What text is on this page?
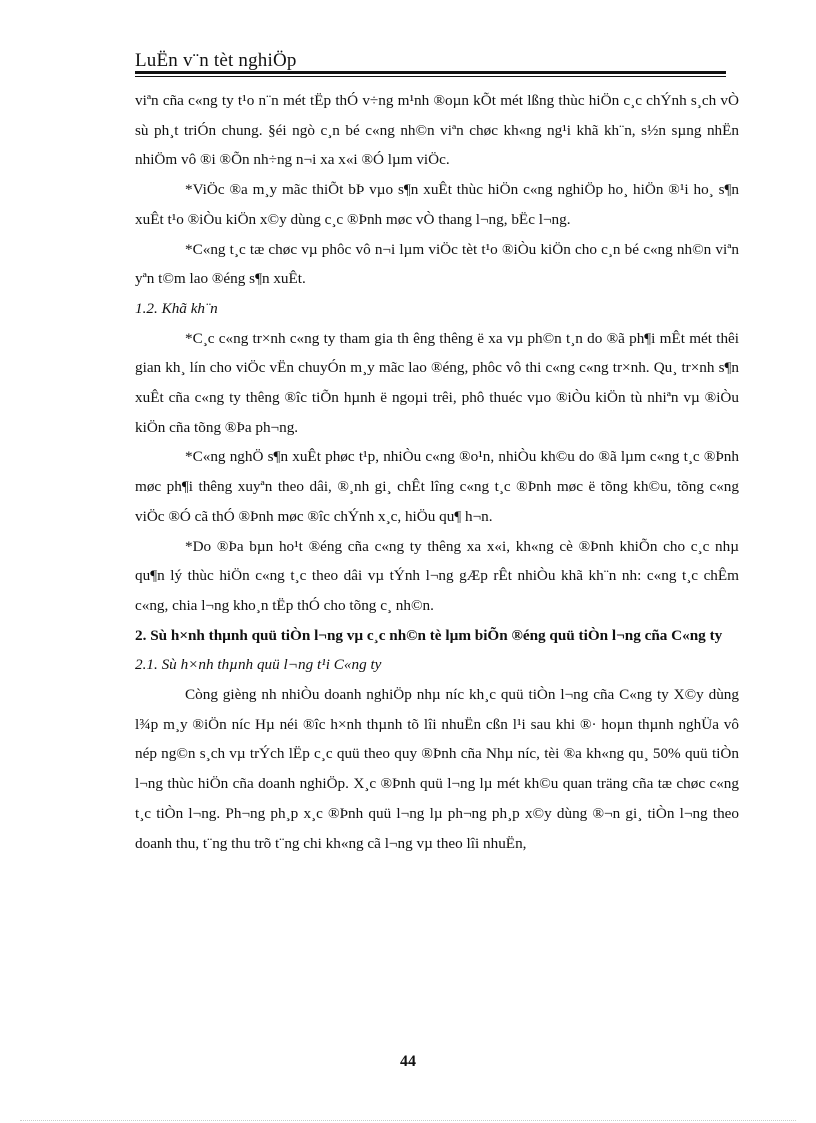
LuËn v¨n tèt nghiÖp

viªn cña c«ng ty t¹o n¨n mét tËp thÓ v÷ng m¹nh ®oµn kÕt mét lßng thùc hiÖn c¸c chÝnh s¸ch vÒ sù ph¸t triÓn chung. §éi ngò c¸n bé c«ng nh©n viªn chøc kh«ng ng¹i khã kh¨n, s½n sµng nhËn nhiÖm vô ®i ®Õn nh÷ng n¬i xa x«i ®Ó lµm viÖc.

*ViÖc ®a m¸y mãc thiÕt bÞ vµo s¶n xuÊt thùc hiÖn c«ng nghiÖp ho¸ hiÖn ®¹i ho¸ s¶n xuÊt t¹o ®iÒu kiÖn x©y dùng c¸c ®Þnh møc vÒ thang l¬ng, bËc l¬ng.

*C«ng t¸c tæ chøc vµ phôc vô n¬i lµm viÖc tèt t¹o ®iÒu kiÖn cho c¸n bé c«ng nh©n viªn yªn t©m lao ®éng s¶n xuÊt.

1.2. Khã kh¨n

*C¸c c«ng tr×nh c«ng ty tham gia th êng thêng ë xa vµ ph©n t¸n do ®ã ph¶i mÊt mét thêi gian kh¸ lín cho viÖc vËn chuyÓn m¸y mãc lao ®éng, phôc vô thi c«ng c«ng tr×nh. Qu¸ tr×nh s¶n xuÊt cña c«ng ty thêng ®îc tiÕn hµnh ë ngoµi trêi, phô thuéc vµo ®iÒu kiÖn tù nhiªn vµ ®iÒu kiÖn cña tõng ®Þa ph¬ng.

*C«ng nghÖ s¶n xuÊt phøc t¹p, nhiÒu c«ng ®o¹n, nhiÒu kh©u do ®ã lµm c«ng t¸c ®Þnh møc ph¶i thêng xuyªn theo dâi, ®¸nh gi¸ chÊt lîng c«ng t¸c ®Þnh møc ë tõng kh©u, tõng c«ng viÖc ®Ó cã thÓ ®Þnh møc ®îc chÝnh x¸c, hiÖu qu¶ h¬n.

*Do ®Þa bµn ho¹t ®éng cña c«ng ty thêng xa x«i, kh«ng cè ®Þnh khiÕn cho c¸c nhµ qu¶n lý thùc hiÖn c«ng t¸c theo dâi vµ tÝnh l¬ng gÆp rÊt nhiÒu khã kh¨n nh: c«ng t¸c chÊm c«ng, chia l¬ng kho¸n tËp thÓ cho tõng c¸ nh©n.

2. Sù h×nh thµnh quü tiÒn l¬ng vµ c¸c nh©n tè lµm biÕn ®éng quü tiÒn l¬ng cña C«ng ty

2.1. Sù h×nh thµnh quü l¬ng t¹i C«ng ty

Còng gièng nh nhiÒu doanh nghiÖp nhµ níc kh¸c quü tiÒn l¬ng cña C«ng ty X©y dùng l¾p m¸y ®iÖn níc Hµ néi ®îc h×nh thµnh tõ lîi nhuËn cßn l¹i sau khi ®· hoµn thµnh nghÜa vô nép ng©n s¸ch vµ trÝch lËp c¸c quü theo quy ®Þnh cña Nhµ níc, tèi ®a kh«ng qu¸ 50% quü tiÒn l¬ng thùc hiÖn cña doanh nghiÖp. X¸c ®Þnh quü l¬ng lµ mét kh©u quan träng cña tæ chøc c«ng t¸c tiÒn l¬ng. Ph¬ng ph¸p x¸c ®Þnh quü l¬ng lµ ph¬ng ph¸p x©y dùng ®¬n gi¸ tiÒn l¬ng theo doanh thu, t¨ng thu trõ t¨ng chi kh«ng cã l¬ng vµ theo lîi nhuËn,

44
